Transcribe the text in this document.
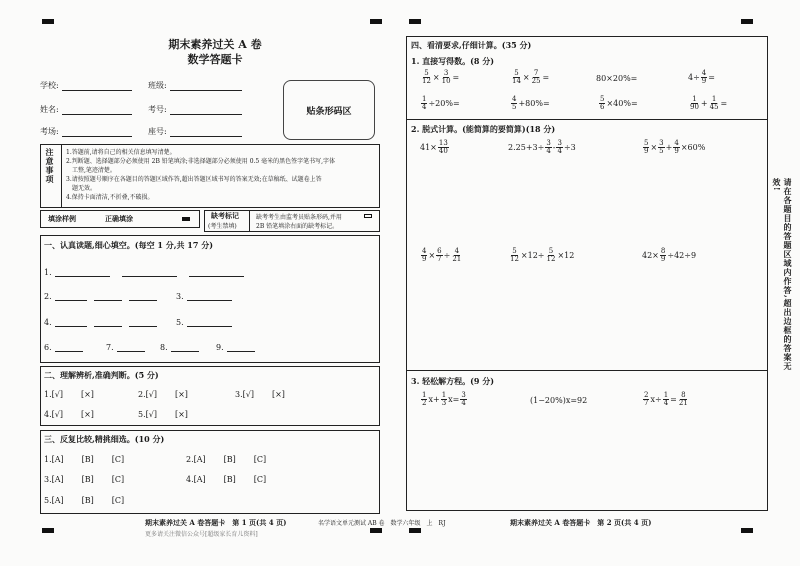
期末素养过关 A 卷
数学答题卡
学校:	班级:
姓名:	考号:
考场:	座号:
贴条形码区
注意事项 1.答题前,请将自己的相关信息填写清楚。
2.判断题、选择题部分必须使用 2B 铅笔填涂;非选择题部分必须使用 0.5 毫米的黑色签字笔书写,字体
工整,笔迹清楚。
3.请按照题号顺序在各题目的答题区域作答,超出答题区域书写的答案无效;在草稿纸、试题卷上答
题无效。
4.保持卡面清洁,不折叠,不破损。
填涂样例	正确填涂	缺考标记
(考生禁填)
缺考考生由监考员贴条形码,并用
2B 铅笔填涂右面的缺考标记。
一、认真读题,细心填空。(每空 1 分,共 17 分)
1.
2.	3.
4.	5.
6.	7.	8.	9.
二、理解辨析,准确判断。(5 分)
1.[√] [×]	2.[√] [×]	3.[√] [×]
4.[√] [×]	5.[√] [×]
三、反复比较,精挑细选。(10 分)
1.[A] [B] [C]	2.[A] [B] [C]
3.[A] [B] [C]	4.[A] [B] [C]
5.[A] [B] [C]
期末素养过关 A 卷答题卡　第 1 页(共 4 页)
更多请关注微信公众号[超级家长育儿资料]
四、看清要求,仔细计算。(35 分)
1. 直接写得数。(8 分)
$\frac{5}{12} \times \frac{3}{10}$ =	$\frac{5}{14} \times \frac{7}{25}$ =	80×20%=	$4\div \frac{4}{9}$ =
$\frac{1}{4} \div 20\%=$	$\frac{4}{5} +80\%=$	$\frac{5}{6} \times 40\%=$	$\frac{1}{90} + \frac{1}{45}$ =
2. 脱式计算。(能简算的要简算)(18 分)
$41\times \frac{13}{40}$	$2.25+3\div \frac{3}{4} - \frac{3}{4} \div 3$	$\frac{5}{9} \times \frac{3}{5} + \frac{4}{9} \times 60\%$
$\frac{4}{9} \times \frac{6}{7} \div \frac{4}{21}$	$\frac{5}{12} \times 12\div \frac{5}{12} \times 12$	$42\times \frac{8}{9} \div 42\div 9$
3. 轻松解方程。(9 分)
$\frac{1}{2} x+ \frac{1}{3} x= \frac{3}{4}$	(1−20%)x=92	$\frac{2}{7} x\div \frac{1}{4} = \frac{8}{21}$
请在各题目的答题区域内作答,超出边框的答案无效!
名学语文单元测试 AB 卷　数学六年级　上　RJ	期末素养过关 A 卷答题卡　第 2 页(共 4 页)
